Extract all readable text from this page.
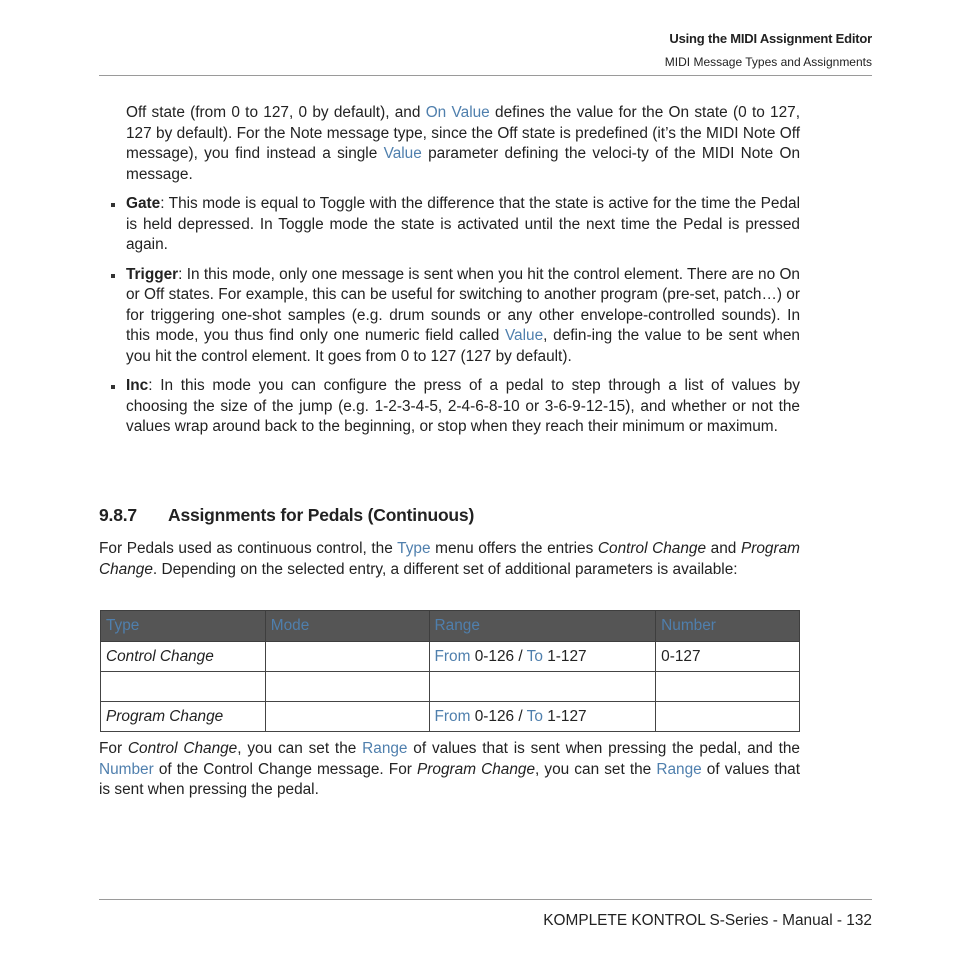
Using the MIDI Assignment Editor
MIDI Message Types and Assignments

Off state (from 0 to 127, 0 by default), and On Value defines the value for the On state (0 to 127, 127 by default). For the Note message type, since the Off state is predefined (it’s the MIDI Note Off message), you find instead a single Value parameter defining the veloci-ty of the MIDI Note On message.

Gate: This mode is equal to Toggle with the difference that the state is active for the time the Pedal is held depressed. In Toggle mode the state is activated until the next time the Pedal is pressed again.
Trigger: In this mode, only one message is sent when you hit the control element. There are no On or Off states. For example, this can be useful for switching to another program (pre-set, patch…) or for triggering one-shot samples (e.g. drum sounds or any other envelope-controlled sounds). In this mode, you thus find only one numeric field called Value, defin-ing the value to be sent when you hit the control element. It goes from 0 to 127 (127 by default).
Inc: In this mode you can configure the press of a pedal to step through a list of values by choosing the size of the jump (e.g. 1-2-3-4-5, 2-4-6-8-10 or 3-6-9-12-15), and whether or not the values wrap around back to the beginning, or stop when they reach their minimum or maximum.
9.8.7 Assignments for Pedals (Continuous)

For Pedals used as continuous control, the Type menu offers the entries Control Change and Program Change. Depending on the selected entry, a different set of additional parameters is available:

Type	Mode	Range	Number
Control Change		From 0-126 / To 1-127	0-127

Program Change		From 0-126 / To 1-127	

For Control Change, you can set the Range of values that is sent when pressing the pedal, and the Number of the Control Change message. For Program Change, you can set the Range of values that is sent when pressing the pedal.

KOMPLETE KONTROL S-Series - Manual - 132
